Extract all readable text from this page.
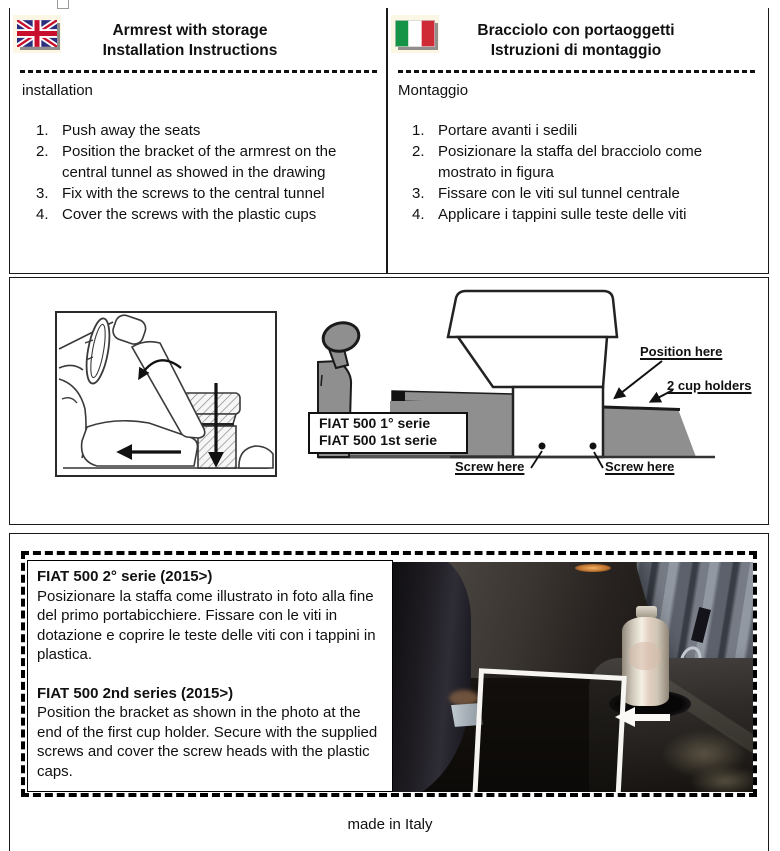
Armrest with storage
Installation Instructions
installation
1. Push away the seats
2. Position the bracket of the armrest on the central tunnel as showed in the drawing
3. Fix with the screws to the central tunnel
4. Cover the screws with the plastic cups
Bracciolo con portaoggetti
Istruzioni di montaggio
Montaggio
1. Portare avanti i sedili
2. Posizionare la staffa del bracciolo come mostrato in figura
3. Fissare con le viti sul tunnel centrale
4. Applicare i tappini sulle teste delle viti
FIAT 500 1° serie
FIAT 500 1st serie
Position here
2 cup holders
Screw here	Screw here
FIAT 500 2° serie (2015>)
Posizionare la staffa come illustrato in foto alla fine del primo portabicchiere. Fissare con le viti in dotazione e coprire le teste delle viti con i tappini in plastica.
FIAT 500 2nd series (2015>)
Position the bracket as shown in the photo at the end of the first cup holder. Secure with the supplied screws and cover the screw heads with the plastic caps.
made in Italy
